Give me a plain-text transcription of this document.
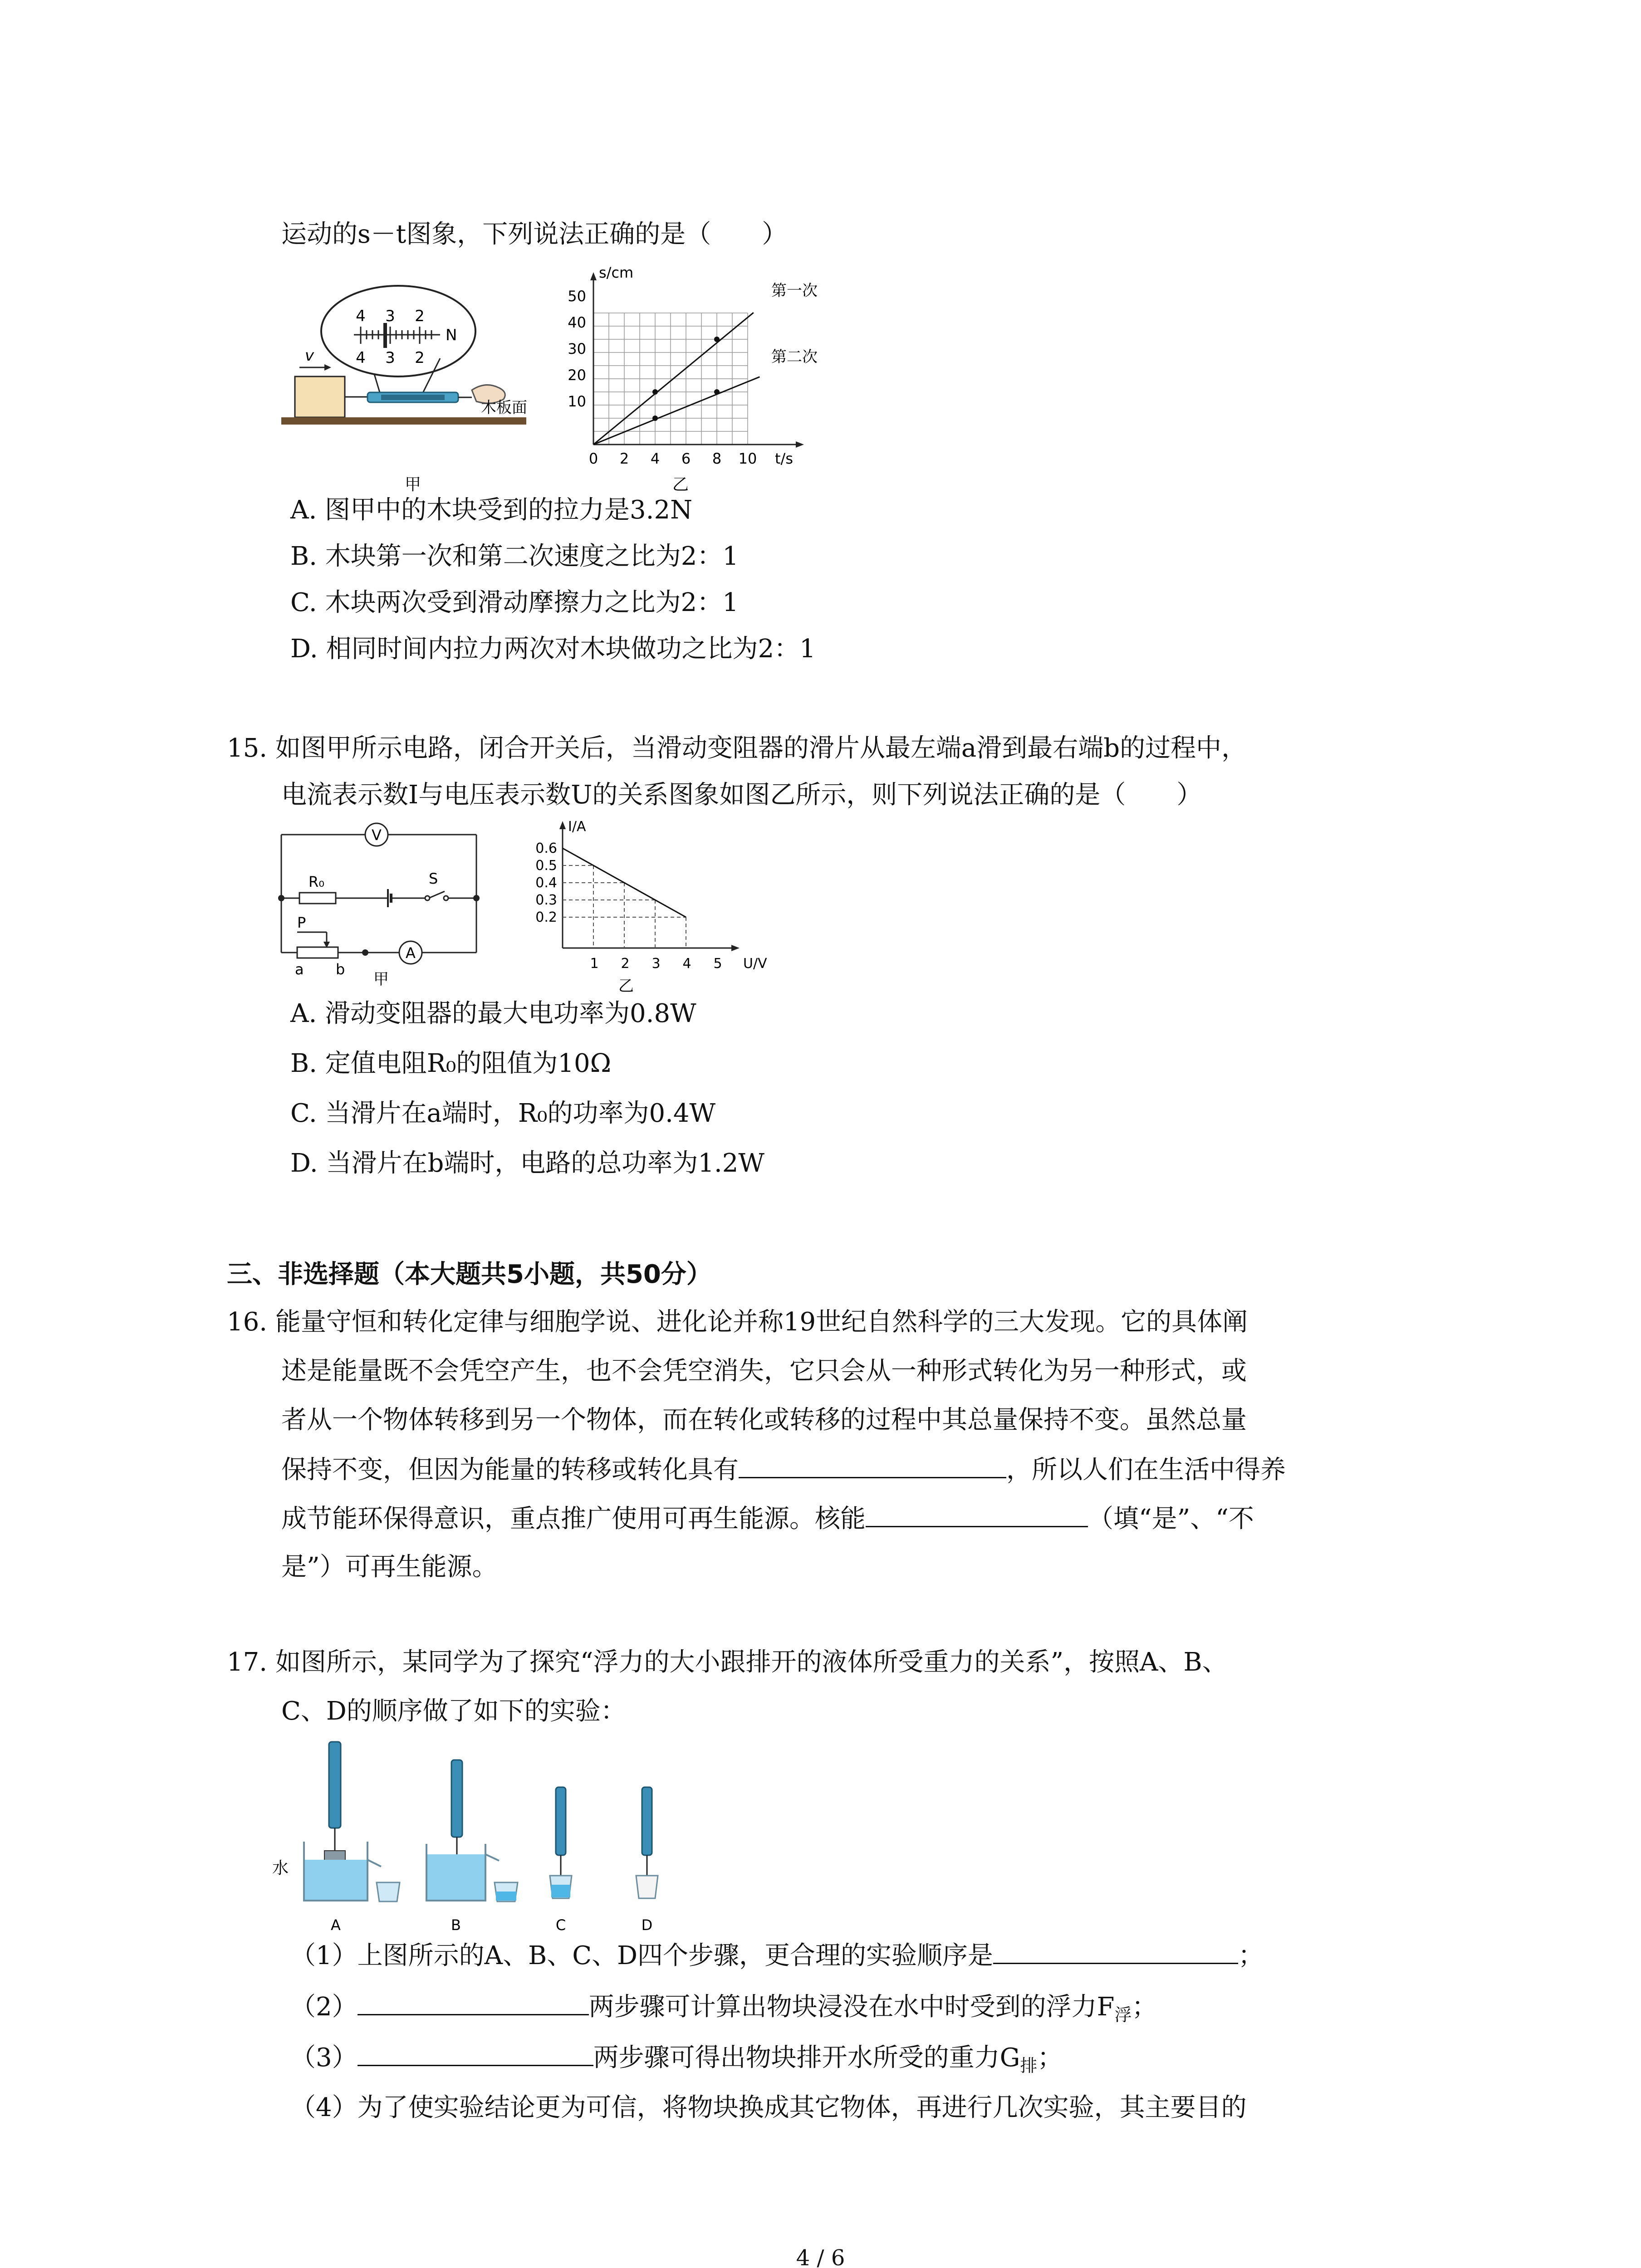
运动的s－t图象，下列说法正确的是（　　）
4 3 2
4 3 2
N
v
木板面
甲
s/cm
t/s
50
40
30
20
10
0 2 4 6 8 10
第一次
第二次
乙
A. 图甲中的木块受到的拉力是3.2N
B. 木块第一次和第二次速度之比为2：1
C. 木块两次受到滑动摩擦力之比为2：1
D. 相同时间内拉力两次对木块做功之比为2：1
15. 如图甲所示电路，闭合开关后，当滑动变阻器的滑片从最左端a滑到最右端b的过程中，
电流表示数I与电压表示数U的关系图象如图乙所示，则下列说法正确的是（　　）
V
A
R₀	S
P
a b
甲
I/A
U/V
0.6
0.5
0.4
0.3
0.2
1 2 3 4 5
乙
A. 滑动变阻器的最大电功率为0.8W
B. 定值电阻R₀的阻值为10Ω
C. 当滑片在a端时，R₀的功率为0.4W
D. 当滑片在b端时，电路的总功率为1.2W
三、非选择题（本大题共5小题，共50分）
16. 能量守恒和转化定律与细胞学说、进化论并称19世纪自然科学的三大发现。它的具体阐
述是能量既不会凭空产生，也不会凭空消失，它只会从一种形式转化为另一种形式，或
者从一个物体转移到另一个物体，而在转化或转移的过程中其总量保持不变。虽然总量
保持不变，但因为能量的转移或转化具有	，所以人们在生活中得养
成节能环保得意识，重点推广使用可再生能源。核能	（填“是”、“不
是”）可再生能源。
17. 如图所示，某同学为了探究“浮力的大小跟排开的液体所受重力的关系”，按照A、B、
C、D的顺序做了如下的实验：
水
A	B	C	D
（1）上图所示的A、B、C、D四个步骤，更合理的实验顺序是	；
（2）	两步骤可计算出物块浸没在水中时受到的浮力$F_浮$；
（3）	两步骤可得出物块排开水所受的重力$G_排$；
（4）为了使实验结论更为可信，将物块换成其它物体，再进行几次实验，其主要目的
4 / 6
